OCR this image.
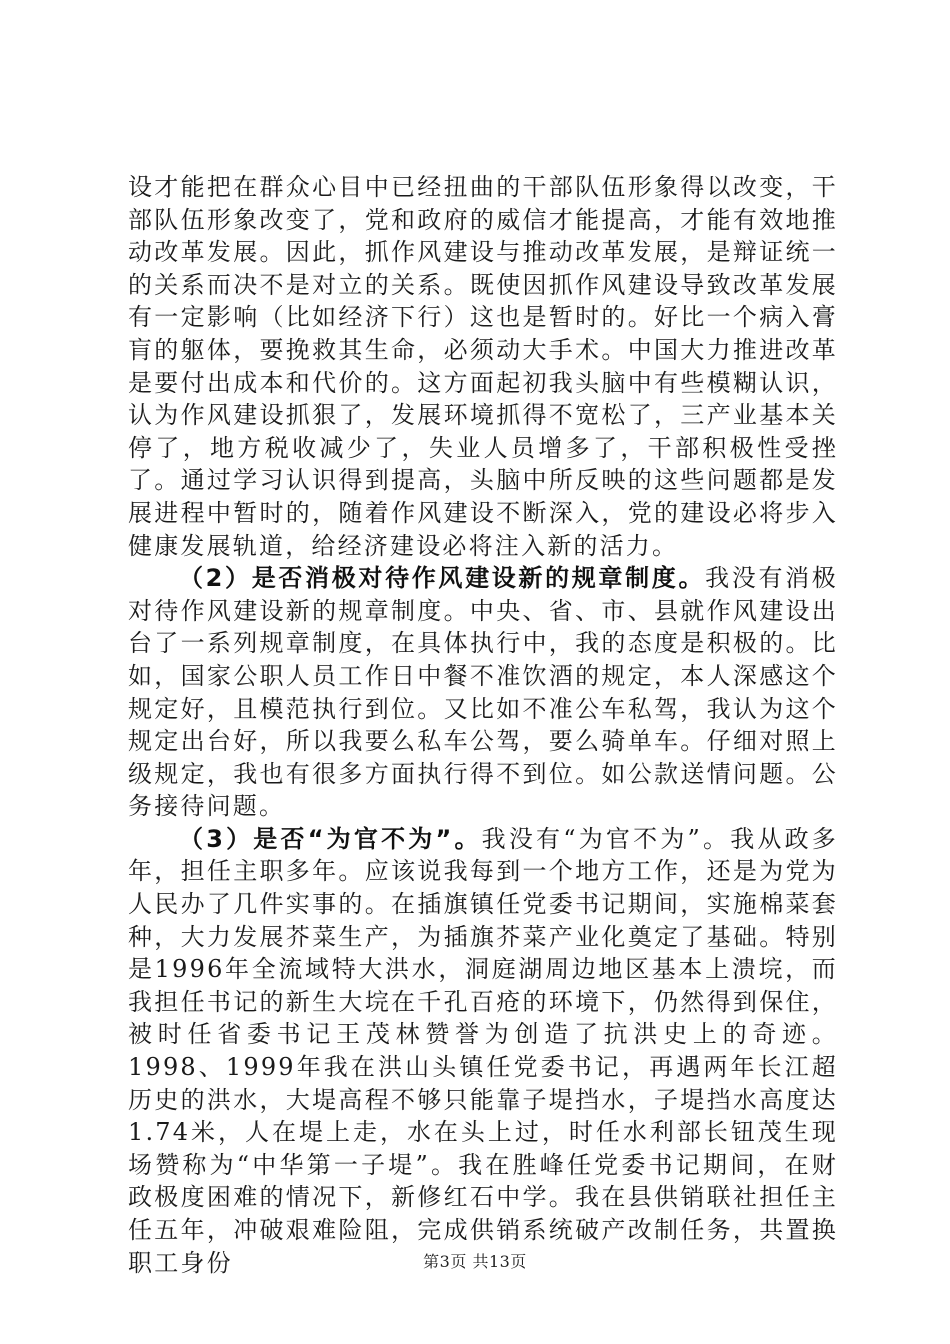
设才能把在群众心目中已经扭曲的干部队伍形象得以改变，干部队伍形象改变了，党和政府的威信才能提高，才能有效地推动改革发展。因此，抓作风建设与推动改革发展，是辩证统一的关系而决不是对立的关系。既使因抓作风建设导致改革发展有一定影响（比如经济下行）这也是暂时的。好比一个病入膏肓的躯体，要挽救其生命，必须动大手术。中国大力推进改革是要付出成本和代价的。这方面起初我头脑中有些模糊认识，认为作风建设抓狠了，发展环境抓得不宽松了，三产业基本关停了，地方税收减少了，失业人员增多了，干部积极性受挫了。通过学习认识得到提高，头脑中所反映的这些问题都是发展进程中暂时的，随着作风建设不断深入，党的建设必将步入健康发展轨道，给经济建设必将注入新的活力。

（2）是否消极对待作风建设新的规章制度。我没有消极对待作风建设新的规章制度。中央、省、市、县就作风建设出台了一系列规章制度，在具体执行中，我的态度是积极的。比如，国家公职人员工作日中餐不准饮酒的规定，本人深感这个规定好，且模范执行到位。又比如不准公车私驾，我认为这个规定出台好，所以我要么私车公驾，要么骑单车。仔细对照上级规定，我也有很多方面执行得不到位。如公款送情问题。公务接待问题。

（3）是否“为官不为”。我没有“为官不为”。我从政多年，担任主职多年。应该说我每到一个地方工作，还是为党为人民办了几件实事的。在插旗镇任党委书记期间，实施棉菜套种，大力发展芥菜生产，为插旗芥菜产业化奠定了基础。特别是1996年全流域特大洪水，洞庭湖周边地区基本上溃垸，而我担任书记的新生大垸在千孔百疮的环境下，仍然得到保住，被时任省委书记王茂林赞誉为创造了抗洪史上的奇迹。1998、1999年我在洪山头镇任党委书记，再遇两年长江超历史的洪水，大堤高程不够只能靠子堤挡水，子堤挡水高度达1.74米，人在堤上走，水在头上过，时任水利部长钮茂生现场赞称为“中华第一子堤”。我在胜峰任党委书记期间，在财政极度困难的情况下，新修红石中学。我在县供销联社担任主任五年，冲破艰难险阻，完成供销系统破产改制任务，共置换职工身份	第3页 共13页
